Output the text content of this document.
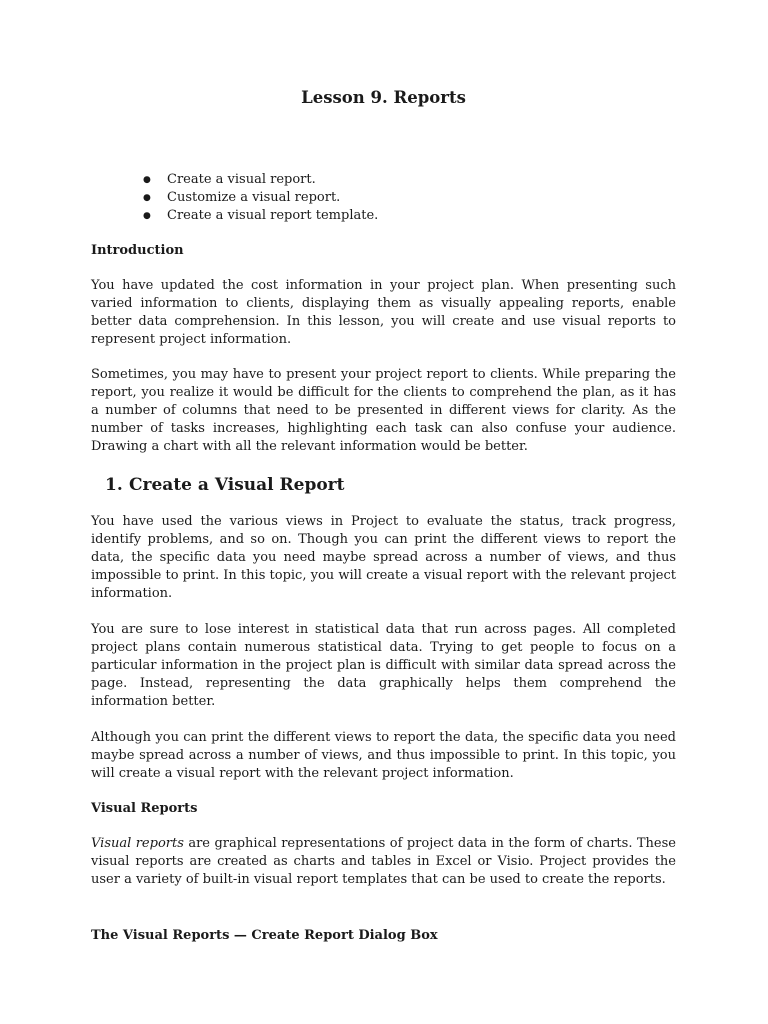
Lesson 9. Reports
● Create a visual report.
● Customize a visual report.
● Create a visual report template.
Introduction

You have updated the cost information in your project plan. When presenting such varied information to clients, displaying them as visually appealing reports, enable better data comprehension. In this lesson, you will create and use visual reports to represent project information.

Sometimes, you may have to present your project report to clients. While preparing the report, you realize it would be difficult for the clients to comprehend the plan, as it has a number of columns that need to be presented in different views for clarity. As the number of tasks increases, highlighting each task can also confuse your audience. Drawing a chart with all the relevant information would be better.

1. Create a Visual Report

You have used the various views in Project to evaluate the status, track progress, identify problems, and so on. Though you can print the different views to report the data, the specific data you need maybe spread across a number of views, and thus impossible to print. In this topic, you will create a visual report with the relevant project information.

You are sure to lose interest in statistical data that run across pages. All completed project plans contain numerous statistical data. Trying to get people to focus on a particular information in the project plan is difficult with similar data spread across the page. Instead, representing the data graphically helps them comprehend the information better.

Although you can print the different views to report the data, the specific data you need maybe spread across a number of views, and thus impossible to print. In this topic, you will create a visual report with the relevant project information.

Visual Reports

Visual reports are graphical representations of project data in the form of charts. These visual reports are created as charts and tables in Excel or Visio. Project provides the user a variety of built-in visual report templates that can be used to create the reports.

The Visual Reports — Create Report Dialog Box
